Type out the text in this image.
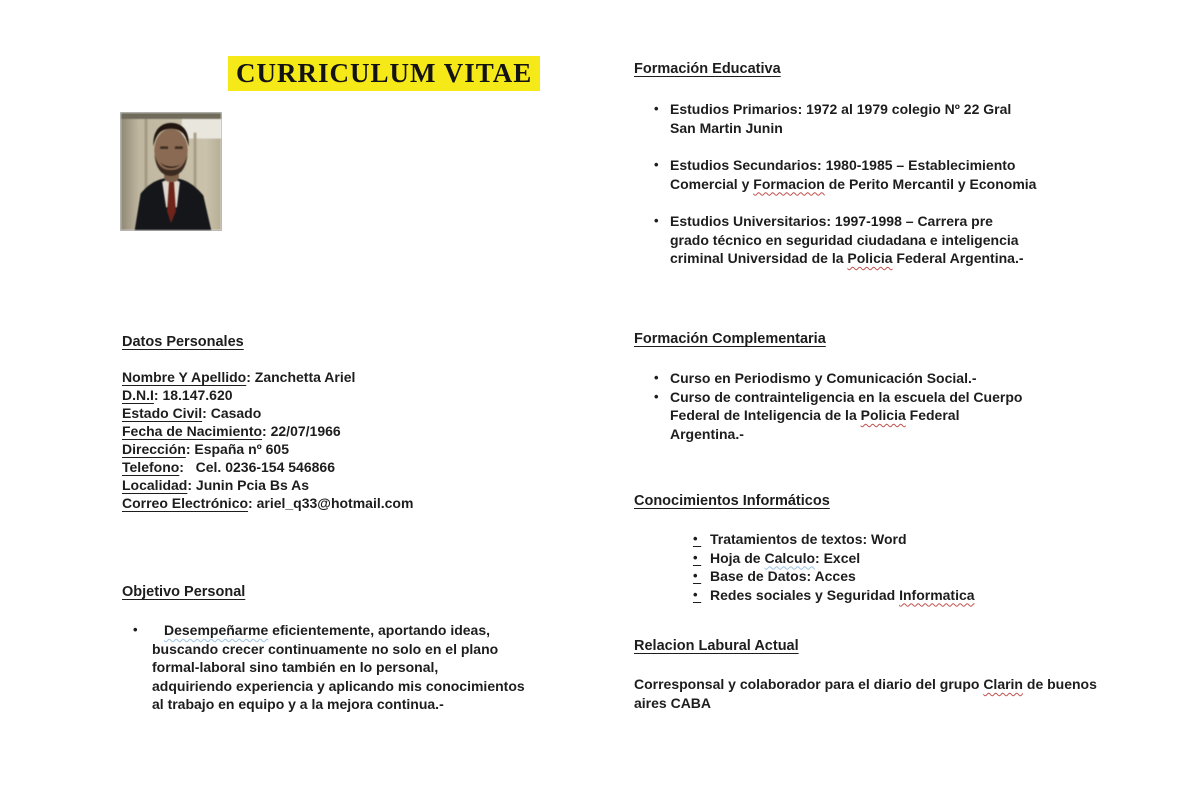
CURRICULUM VITAE
Datos Personales
Nombre Y Apellido: Zanchetta Ariel
D.N.I: 18.147.620
Estado Civil: Casado
Fecha de Nacimiento: 22/07/1966
Dirección: España nº 605
Telefono:   Cel. 0236-154 546866
Localidad: Junin Pcia Bs As
Correo Electrónico: ariel_q33@hotmail.com
Objetivo Personal
•
Desempeñarme eficientemente, aportando ideas,
buscando crecer continuamente no solo en el plano
formal-laboral sino también en lo personal,
adquiriendo experiencia y aplicando mis conocimientos
al trabajo en equipo y a la mejora continua.-
Formación Educativa
•
Estudios Primarios: 1972 al 1979 colegio Nº 22 Gral
San Martin Junin
•
Estudios Secundarios: 1980-1985 – Establecimiento
Comercial y Formacion de Perito Mercantil y Economia
•
Estudios Universitarios: 1997-1998 – Carrera pre
grado técnico en seguridad ciudadana e inteligencia
criminal Universidad de la Policia Federal Argentina.-
Formación Complementaria
•
Curso en Periodismo y Comunicación Social.-
•
Curso de contrainteligencia en la escuela del Cuerpo
Federal de Inteligencia de la Policia Federal
Argentina.-
Conocimientos Informáticos
•
Tratamientos de textos: Word
•
Hoja de Calculo: Excel
•
Base de Datos: Acces
•
Redes sociales y Seguridad Informatica
Relacion Labural Actual

Corresponsal y colaborador para el diario del grupo Clarin de buenos aires CABA
